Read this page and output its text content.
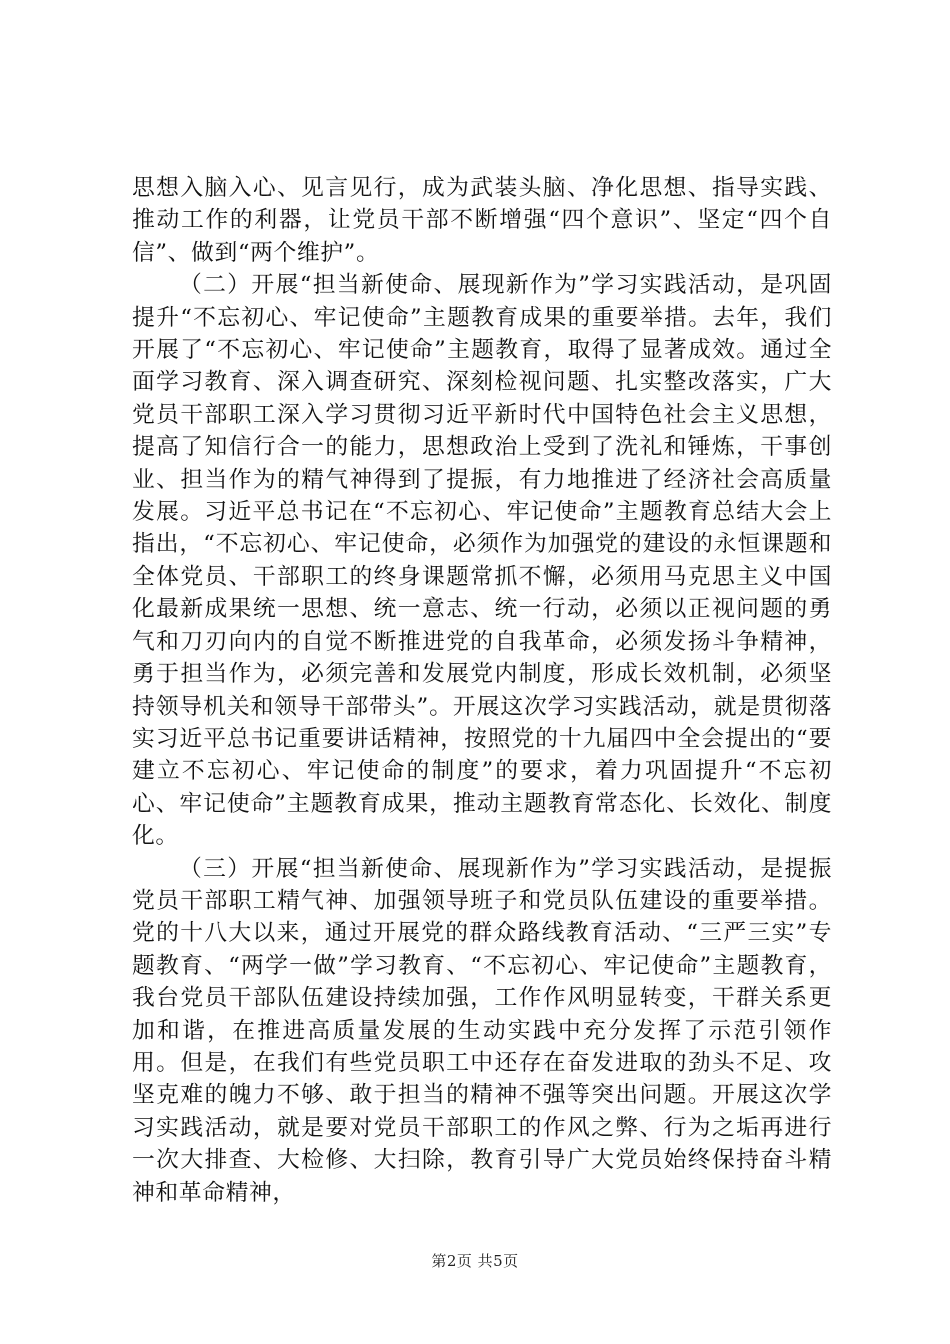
思想入脑入心、见言见行，成为武装头脑、净化思想、指导实践、推动工作的利器，让党员干部不断增强“四个意识”、坚定“四个自信”、做到“两个维护”。

（二）开展“担当新使命、展现新作为”学习实践活动，是巩固提升“不忘初心、牢记使命”主题教育成果的重要举措。去年，我们开展了“不忘初心、牢记使命”主题教育，取得了显著成效。通过全面学习教育、深入调查研究、深刻检视问题、扎实整改落实，广大党员干部职工深入学习贯彻习近平新时代中国特色社会主义思想，提高了知信行合一的能力，思想政治上受到了洗礼和锤炼，干事创业、担当作为的精气神得到了提振，有力地推进了经济社会高质量发展。习近平总书记在“不忘初心、牢记使命”主题教育总结大会上指出，“不忘初心、牢记使命，必须作为加强党的建设的永恒课题和全体党员、干部职工的终身课题常抓不懈，必须用马克思主义中国化最新成果统一思想、统一意志、统一行动，必须以正视问题的勇气和刀刃向内的自觉不断推进党的自我革命，必须发扬斗争精神，勇于担当作为，必须完善和发展党内制度，形成长效机制，必须坚持领导机关和领导干部带头”。开展这次学习实践活动，就是贯彻落实习近平总书记重要讲话精神，按照党的十九届四中全会提出的“要建立不忘初心、牢记使命的制度”的要求，着力巩固提升“不忘初心、牢记使命”主题教育成果，推动主题教育常态化、长效化、制度化。

（三）开展“担当新使命、展现新作为”学习实践活动，是提振党员干部职工精气神、加强领导班子和党员队伍建设的重要举措。党的十八大以来，通过开展党的群众路线教育活动、“三严三实”专题教育、“两学一做”学习教育、“不忘初心、牢记使命”主题教育，我台党员干部队伍建设持续加强，工作作风明显转变，干群关系更加和谐，在推进高质量发展的生动实践中充分发挥了示范引领作用。但是，在我们有些党员职工中还存在奋发进取的劲头不足、攻坚克难的魄力不够、敢于担当的精神不强等突出问题。开展这次学习实践活动，就是要对党员干部职工的作风之弊、行为之垢再进行一次大排查、大检修、大扫除，教育引导广大党员始终保持奋斗精神和革命精神，

第2页 共5页
